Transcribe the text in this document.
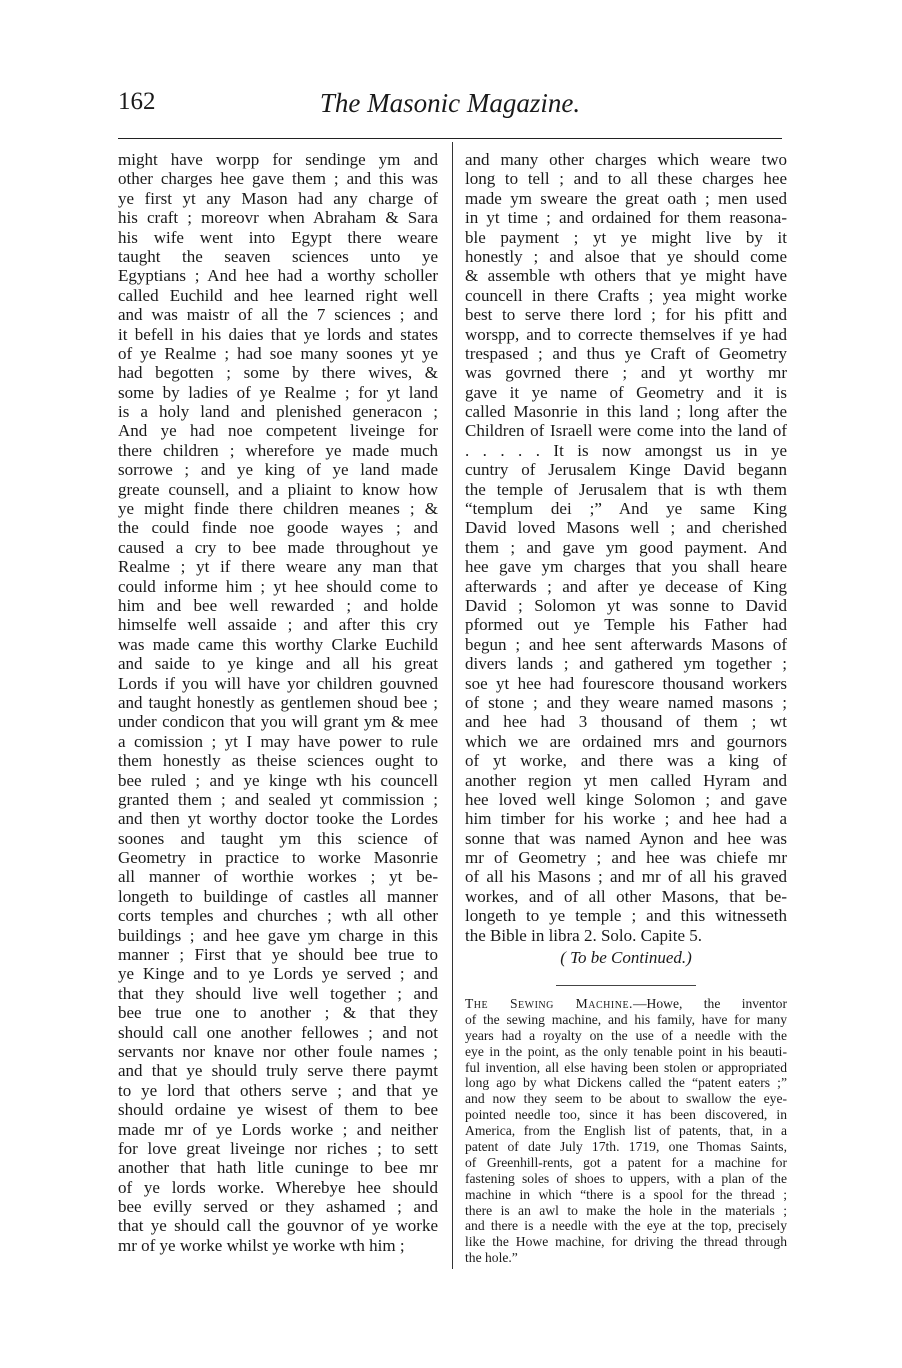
162	The Masonic Magazine.
might have worpp for sendinge ym and
other charges hee gave them ; and this was
ye first yt any Mason had any charge of
his craft ; moreovr when Abraham & Sara
his wife went into Egypt there weare
taught the seaven sciences unto ye
Egyptians ; And hee had a worthy scholler
called Euchild and hee learned right well
and was maistr of all the 7 sciences ; and
it befell in his daies that ye lords and states
of ye Realme ; had soe many soones yt ye
had begotten ; some by there wives, &
some by ladies of ye Realme ; for yt land
is a holy land and plenished generacon ;
And ye had noe competent liveinge for
there children ; wherefore ye made much
sorrowe ; and ye king of ye land made
greate counsell, and a pliaint to know how
ye might finde there children meanes ; &
the could finde noe goode wayes ; and
caused a cry to bee made throughout ye
Realme ; yt if there weare any man that
could informe him ; yt hee should come to
him and bee well rewarded ; and holde
himselfe well assaide ; and after this cry
was made came this worthy Clarke Euchild
and saide to ye kinge and all his great
Lords if you will have yor children gouvned
and taught honestly as gentlemen shoud bee ;
under condicon that you will grant ym & mee
a comission ; yt I may have power to rule
them honestly as theise sciences ought to
bee ruled ; and ye kinge wth his councell
granted them ; and sealed yt commission ;
and then yt worthy doctor tooke the Lordes
soones and taught ym this science of
Geometry in practice to worke Masonrie
all manner of worthie workes ; yt be-
longeth to buildinge of castles all manner
corts temples and churches ; wth all other
buildings ; and hee gave ym charge in this
manner ; First that ye should bee true to
ye Kinge and to ye Lords ye served ; and
that they should live well together ; and
bee true one to another ; & that they
should call one another fellowes ; and not
servants nor knave nor other foule names ;
and that ye should truly serve there paymt
to ye lord that others serve ; and that ye
should ordaine ye wisest of them to bee
made mr of ye Lords worke ; and neither
for love great liveinge nor riches ; to sett
another that hath litle cuninge to bee mr
of ye lords worke. Wherebye hee should
bee evilly served or they ashamed ; and
that ye should call the gouvnor of ye worke
mr of ye worke whilst ye worke wth him ;
and many other charges which weare two
long to tell ; and to all these charges hee
made ym sweare the great oath ; men used
in yt time ; and ordained for them reasona-
ble payment ; yt ye might live by it
honestly ; and alsoe that ye should come
& assemble wth others that ye might have
councell in there Crafts ; yea might worke
best to serve there lord ; for his pfitt and
worspp, and to correcte themselves if ye had
trespased ; and thus ye Craft of Geometry
was govrned there ; and yt worthy mr
gave it ye name of Geometry and it is
called Masonrie in this land ; long after the
Children of Israell were come into the land of
. . . . . It is now amongst us in ye
cuntry of Jerusalem Kinge David begann
the temple of Jerusalem that is wth them
“templum dei ;” And ye same King
David loved Masons well ; and cherished
them ; and gave ym good payment. And
hee gave ym charges that you shall heare
afterwards ; and after ye decease of King
David ; Solomon yt was sonne to David
pformed out ye Temple his Father had
begun ; and hee sent afterwards Masons of
divers lands ; and gathered ym together ;
soe yt hee had fourescore thousand workers
of stone ; and they weare named masons ;
and hee had 3 thousand of them ; wt
which we are ordained mrs and gournors
of yt worke, and there was a king of
another region yt men called Hyram and
hee loved well kinge Solomon ; and gave
him timber for his worke ; and hee had a
sonne that was named Aynon and hee was
mr of Geometry ; and hee was chiefe mr
of all his Masons ; and mr of all his graved
workes, and of all other Masons, that be-
longeth to ye temple ; and this witnesseth
the Bible in libra 2. Solo. Capite 5.
( To be Continued.)
The Sewing Machine.—Howe, the inventor
of the sewing machine, and his family, have for many
years had a royalty on the use of a needle with the
eye in the point, as the only tenable point in his beauti-
ful invention, all else having been stolen or appropriated
long ago by what Dickens called the “patent eaters ;”
and now they seem to be about to swallow the eye-
pointed needle too, since it has been discovered, in
America, from the English list of patents, that, in a
patent of date July 17th. 1719, one Thomas Saints,
of Greenhill-rents, got a patent for a machine for
fastening soles of shoes to uppers, with a plan of the
machine in which “there is a spool for the thread ;
there is an awl to make the hole in the materials ;
and there is a needle with the eye at the top, precisely
like the Howe machine, for driving the thread through
the hole.”
